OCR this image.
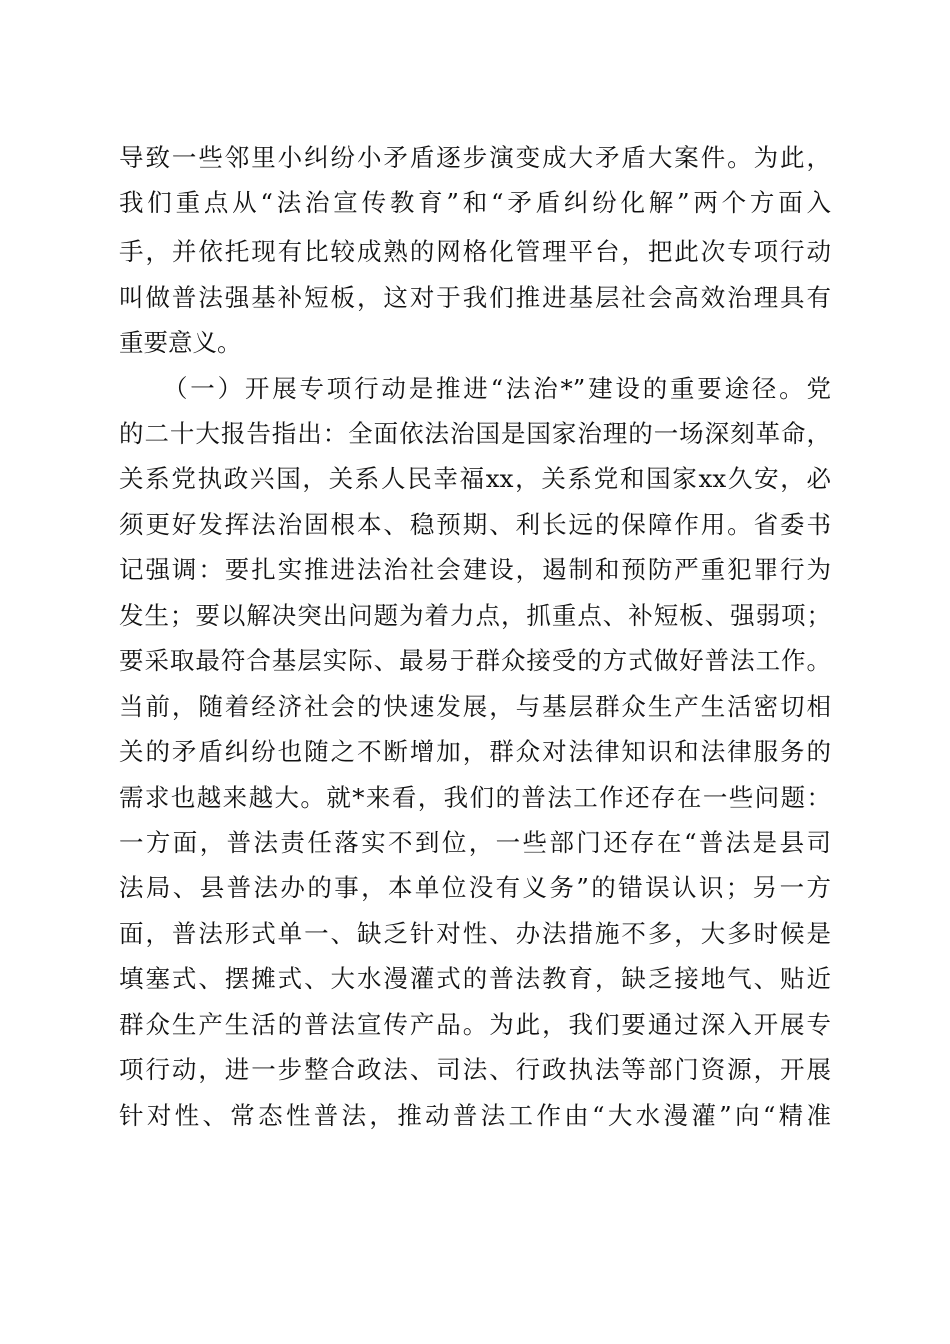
导致一些邻里小纠纷小矛盾逐步演变成大矛盾大案件。为此，
我们重点从“法治宣传教育”和“矛盾纠纷化解”两个方面入
手，并依托现有比较成熟的网格化管理平台，把此次专项行动
叫做普法强基补短板，这对于我们推进基层社会高效治理具有
重要意义。
（一）开展专项行动是推进“法治*”建设的重要途径。党
的二十大报告指出：全面依法治国是国家治理的一场深刻革命，
关系党执政兴国，关系人民幸福xx，关系党和国家xx久安，必
须更好发挥法治固根本、稳预期、利长远的保障作用。省委书
记强调：要扎实推进法治社会建设，遏制和预防严重犯罪行为
发生；要以解决突出问题为着力点，抓重点、补短板、强弱项；
要采取最符合基层实际、最易于群众接受的方式做好普法工作。
当前，随着经济社会的快速发展，与基层群众生产生活密切相
关的矛盾纠纷也随之不断增加，群众对法律知识和法律服务的
需求也越来越大。就*来看，我们的普法工作还存在一些问题：
一方面，普法责任落实不到位，一些部门还存在“普法是县司
法局、县普法办的事，本单位没有义务”的错误认识；另一方
面，普法形式单一、缺乏针对性、办法措施不多，大多时候是
填塞式、摆摊式、大水漫灌式的普法教育，缺乏接地气、贴近
群众生产生活的普法宣传产品。为此，我们要通过深入开展专
项行动，进一步整合政法、司法、行政执法等部门资源，开展
针对性、常态性普法，推动普法工作由“大水漫灌”向“精准
